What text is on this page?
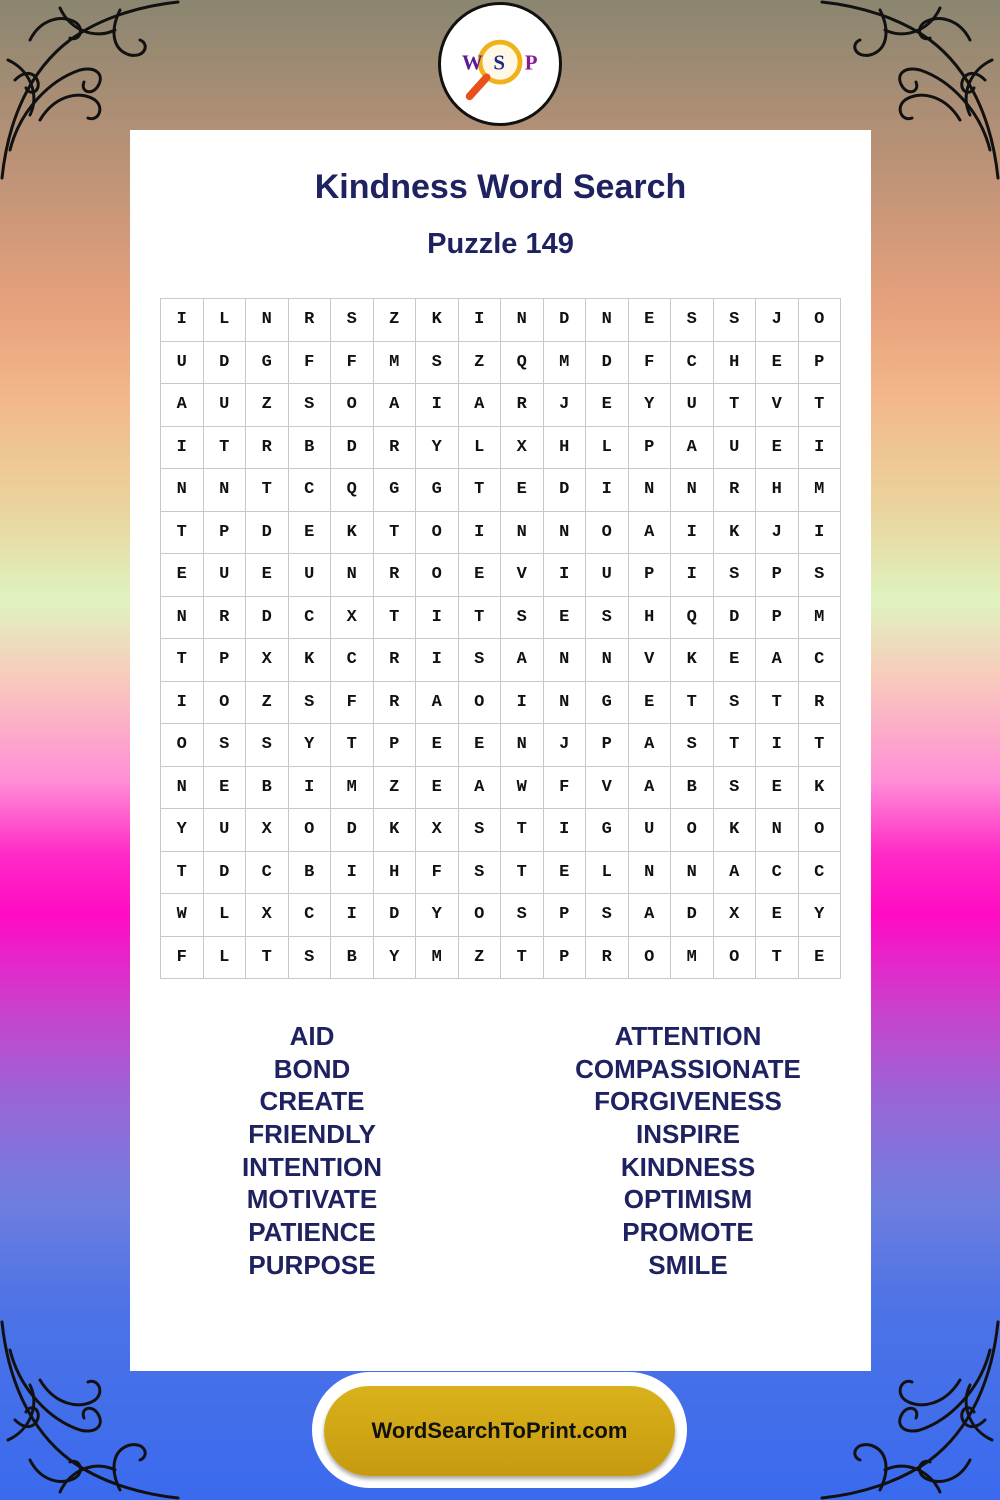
W S P
Kindness Word Search
Puzzle 149
I	L	N	R	S	Z	K	I	N	D	N	E	S	S	J	O
U	D	G	F	F	M	S	Z	Q	M	D	F	C	H	E	P
A	U	Z	S	O	A	I	A	R	J	E	Y	U	T	V	T
I	T	R	B	D	R	Y	L	X	H	L	P	A	U	E	I
N	N	T	C	Q	G	G	T	E	D	I	N	N	R	H	M
T	P	D	E	K	T	O	I	N	N	O	A	I	K	J	I
E	U	E	U	N	R	O	E	V	I	U	P	I	S	P	S
N	R	D	C	X	T	I	T	S	E	S	H	Q	D	P	M
T	P	X	K	C	R	I	S	A	N	N	V	K	E	A	C
I	O	Z	S	F	R	A	O	I	N	G	E	T	S	T	R
O	S	S	Y	T	P	E	E	N	J	P	A	S	T	I	T
N	E	B	I	M	Z	E	A	W	F	V	A	B	S	E	K
Y	U	X	O	D	K	X	S	T	I	G	U	O	K	N	O
T	D	C	B	I	H	F	S	T	E	L	N	N	A	C	C
W	L	X	C	I	D	Y	O	S	P	S	A	D	X	E	Y
F	L	T	S	B	Y	M	Z	T	P	R	O	M	O	T	E
AID
BOND
CREATE
FRIENDLY
INTENTION
MOTIVATE
PATIENCE
PURPOSE
ATTENTION
COMPASSIONATE
FORGIVENESS
INSPIRE
KINDNESS
OPTIMISM
PROMOTE
SMILE
WordSearchToPrint.com
